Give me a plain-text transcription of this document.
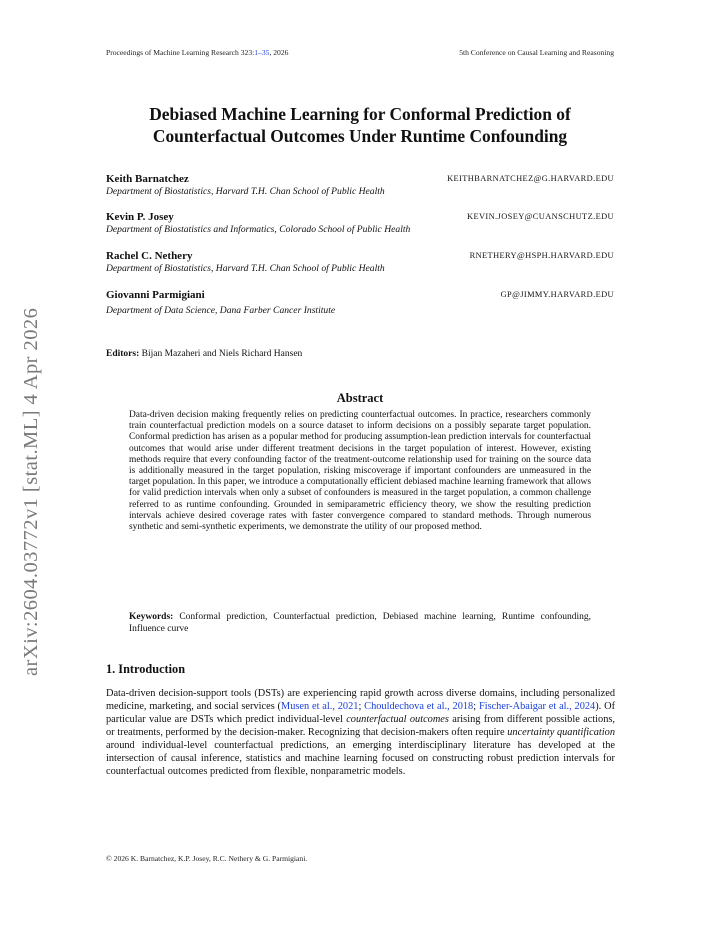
Proceedings of Machine Learning Research 323:1–35, 2026	5th Conference on Causal Learning and Reasoning
arXiv:2604.03772v1 [stat.ML] 4 Apr 2026
Debiased Machine Learning for Conformal Prediction of
Counterfactual Outcomes Under Runtime Confounding
Keith Barnatchez	KEITHBARNATCHEZ@G.HARVARD.EDU
Department of Biostatistics, Harvard T.H. Chan School of Public Health
Kevin P. Josey	KEVIN.JOSEY@CUANSCHUTZ.EDU
Department of Biostatistics and Informatics, Colorado School of Public Health
Rachel C. Nethery	RNETHERY@HSPH.HARVARD.EDU
Department of Biostatistics, Harvard T.H. Chan School of Public Health
Giovanni Parmigiani	GP@JIMMY.HARVARD.EDU
Department of Data Science, Dana Farber Cancer Institute
Editors: Bijan Mazaheri and Niels Richard Hansen
Abstract
Data-driven decision making frequently relies on predicting counterfactual outcomes. In practice, researchers commonly train counterfactual prediction models on a source dataset to inform decisions on a possibly separate target population. Conformal prediction has arisen as a popular method for producing assumption-lean prediction intervals for counterfactual outcomes that would arise under different treatment decisions in the target population of interest. However, existing methods require that every confounding factor of the treatment-outcome relationship used for training on the source data is additionally measured in the target population, risking miscoverage if important confounders are unmeasured in the target population. In this paper, we introduce a computationally efficient debiased machine learning framework that allows for valid prediction intervals when only a subset of confounders is measured in the target population, a common challenge referred to as runtime confounding. Grounded in semiparametric efficiency theory, we show the resulting prediction intervals achieve desired coverage rates with faster convergence compared to standard methods. Through numerous synthetic and semi-synthetic experiments, we demonstrate the utility of our proposed method.
Keywords: Conformal prediction, Counterfactual prediction, Debiased machine learning, Runtime confounding, Influence curve
1. Introduction
Data-driven decision-support tools (DSTs) are experiencing rapid growth across diverse domains, including personalized medicine, marketing, and social services (Musen et al., 2021; Chouldechova et al., 2018; Fischer-Abaigar et al., 2024). Of particular value are DSTs which predict individual-level counterfactual outcomes arising from different possible actions, or treatments, performed by the decision-maker. Recognizing that decision-makers often require uncertainty quantification around individual-level counterfactual predictions, an emerging interdisciplinary literature has developed at the intersection of causal inference, statistics and machine learning focused on constructing robust prediction intervals for counterfactual outcomes predicted from flexible, nonparametric models.
© 2026 K. Barnatchez, K.P. Josey, R.C. Nethery & G. Parmigiani.
